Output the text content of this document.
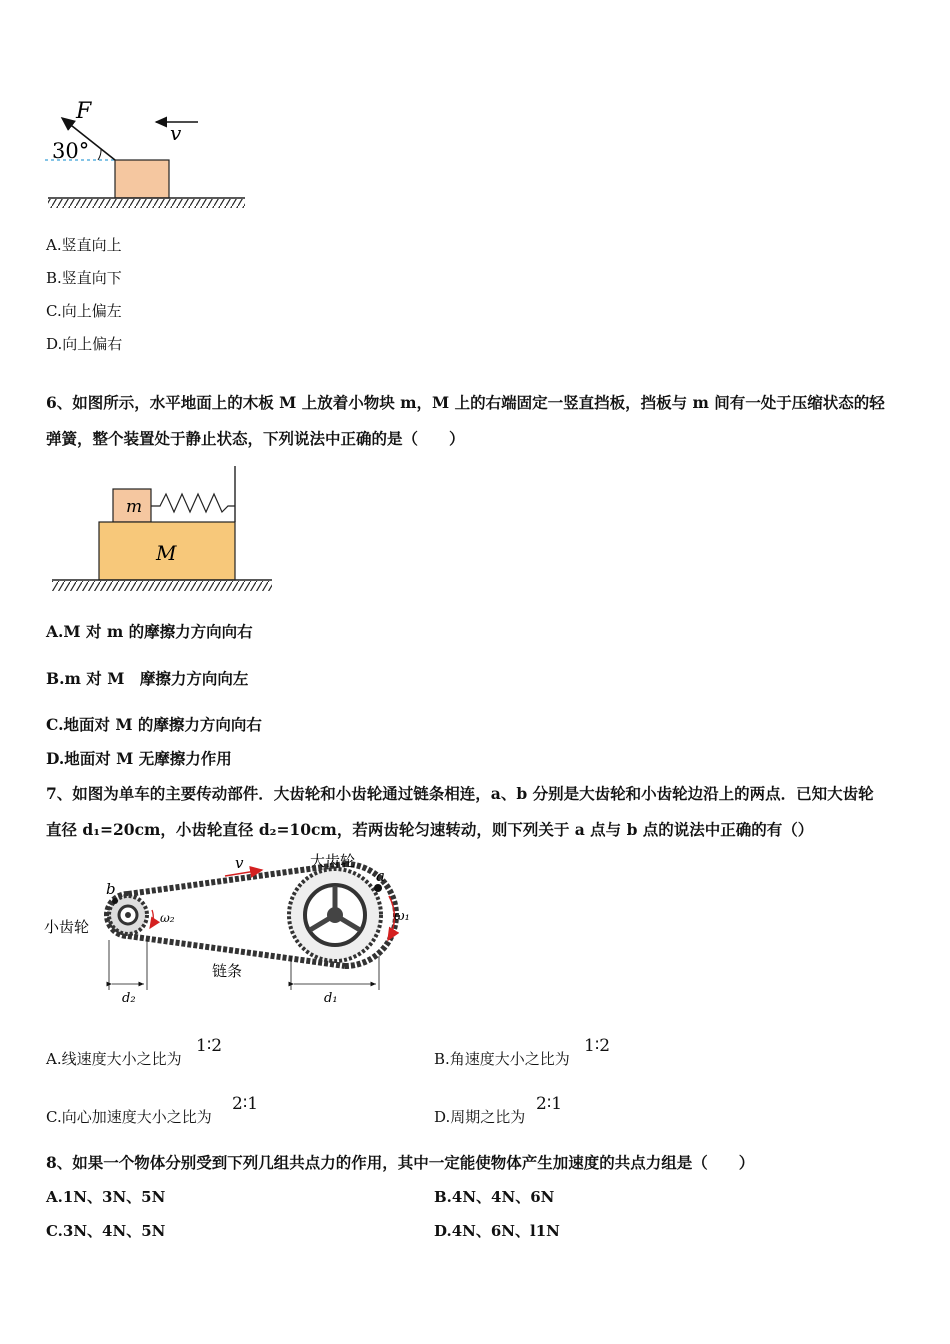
F
30°
v
A.竖直向上
B.竖直向下
C.向上偏左
D.向上偏右
6、如图所示，水平地面上的木板 M 上放着小物块 m，M 上的右端固定一竖直挡板，挡板与 m 间有一处于压缩状态的轻
弹簧，整个装置处于静止状态，下列说法中正确的是（　　）
m
M
A.M 对 m 的摩擦力方向向右
B.m 对 M　摩擦力方向向左
C.地面对 M 的摩擦力方向向右
D.地面对 M 无摩擦力作用
7、如图为单车的主要传动部件．大齿轮和小齿轮通过链条相连，a、b 分别是大齿轮和小齿轮边沿上的两点．已知大齿轮
直径 d₁=20cm，小齿轮直径 d₂=10cm，若两齿轮匀速转动，则下列关于 a 点与 b 点的说法中正确的有（）
a
b
v
ω₁
ω₂
大齿轮
小齿轮
链条
d₂	d₁
A.线速度大小之比为
1∶2
B.角速度大小之比为
1∶2
C.向心加速度大小之比为
2∶1
D.周期之比为
2∶1
8、如果一个物体分别受到下列几组共点力的作用，其中一定能使物体产生加速度的共点力组是（　　）
A.1N、3N、5N	B.4N、4N、6N
C.3N、4N、5N	D.4N、6N、l1N
